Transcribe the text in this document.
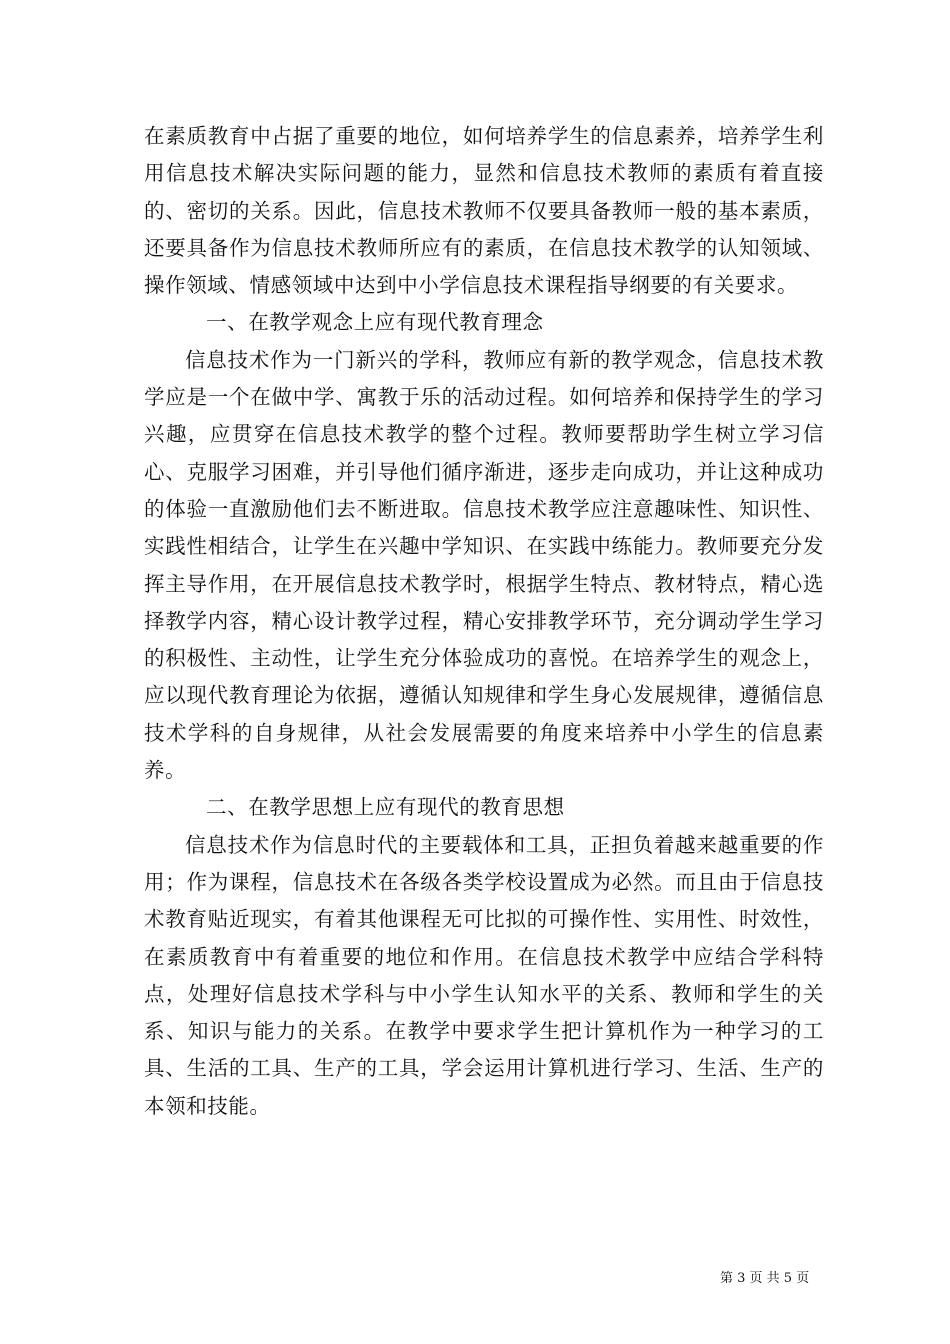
在素质教育中占据了重要的地位，如何培养学生的信息素养，培养学生利用信息技术解决实际问题的能力，显然和信息技术教师的素质有着直接的、密切的关系。因此，信息技术教师不仅要具备教师一般的基本素质，还要具备作为信息技术教师所应有的素质，在信息技术教学的认知领域、操作领域、情感领域中达到中小学信息技术课程指导纲要的有关要求。

一、在教学观念上应有现代教育理念

信息技术作为一门新兴的学科，教师应有新的教学观念，信息技术教学应是一个在做中学、寓教于乐的活动过程。如何培养和保持学生的学习兴趣，应贯穿在信息技术教学的整个过程。教师要帮助学生树立学习信心、克服学习困难，并引导他们循序渐进，逐步走向成功，并让这种成功的体验一直激励他们去不断进取。信息技术教学应注意趣味性、知识性、实践性相结合，让学生在兴趣中学知识、在实践中练能力。教师要充分发挥主导作用，在开展信息技术教学时，根据学生特点、教材特点，精心选择教学内容，精心设计教学过程，精心安排教学环节，充分调动学生学习的积极性、主动性，让学生充分体验成功的喜悦。在培养学生的观念上，应以现代教育理论为依据，遵循认知规律和学生身心发展规律，遵循信息技术学科的自身规律，从社会发展需要的角度来培养中小学生的信息素养。

二、在教学思想上应有现代的教育思想

信息技术作为信息时代的主要载体和工具，正担负着越来越重要的作用；作为课程，信息技术在各级各类学校设置成为必然。而且由于信息技术教育贴近现实，有着其他课程无可比拟的可操作性、实用性、时效性，在素质教育中有着重要的地位和作用。在信息技术教学中应结合学科特点，处理好信息技术学科与中小学生认知水平的关系、教师和学生的关系、知识与能力的关系。在教学中要求学生把计算机作为一种学习的工具、生活的工具、生产的工具，学会运用计算机进行学习、生活、生产的本领和技能。

第 3 页 共 5 页
